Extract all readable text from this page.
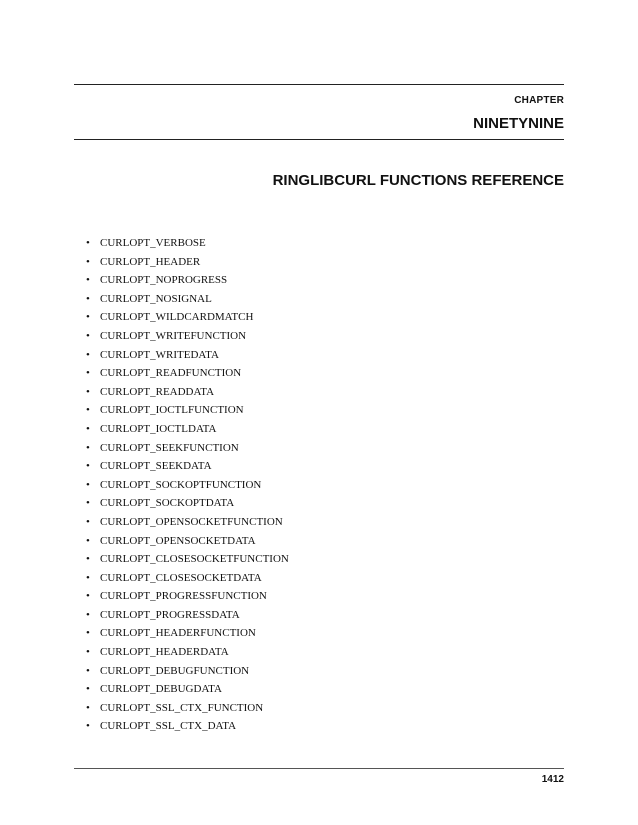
CHAPTER
NINETYNINE
RINGLIBCURL FUNCTIONS REFERENCE
• CURLOPT_VERBOSE
• CURLOPT_HEADER
• CURLOPT_NOPROGRESS
• CURLOPT_NOSIGNAL
• CURLOPT_WILDCARDMATCH
• CURLOPT_WRITEFUNCTION
• CURLOPT_WRITEDATA
• CURLOPT_READFUNCTION
• CURLOPT_READDATA
• CURLOPT_IOCTLFUNCTION
• CURLOPT_IOCTLDATA
• CURLOPT_SEEKFUNCTION
• CURLOPT_SEEKDATA
• CURLOPT_SOCKOPTFUNCTION
• CURLOPT_SOCKOPTDATA
• CURLOPT_OPENSOCKETFUNCTION
• CURLOPT_OPENSOCKETDATA
• CURLOPT_CLOSESOCKETFUNCTION
• CURLOPT_CLOSESOCKETDATA
• CURLOPT_PROGRESSFUNCTION
• CURLOPT_PROGRESSDATA
• CURLOPT_HEADERFUNCTION
• CURLOPT_HEADERDATA
• CURLOPT_DEBUGFUNCTION
• CURLOPT_DEBUGDATA
• CURLOPT_SSL_CTX_FUNCTION
• CURLOPT_SSL_CTX_DATA
1412
